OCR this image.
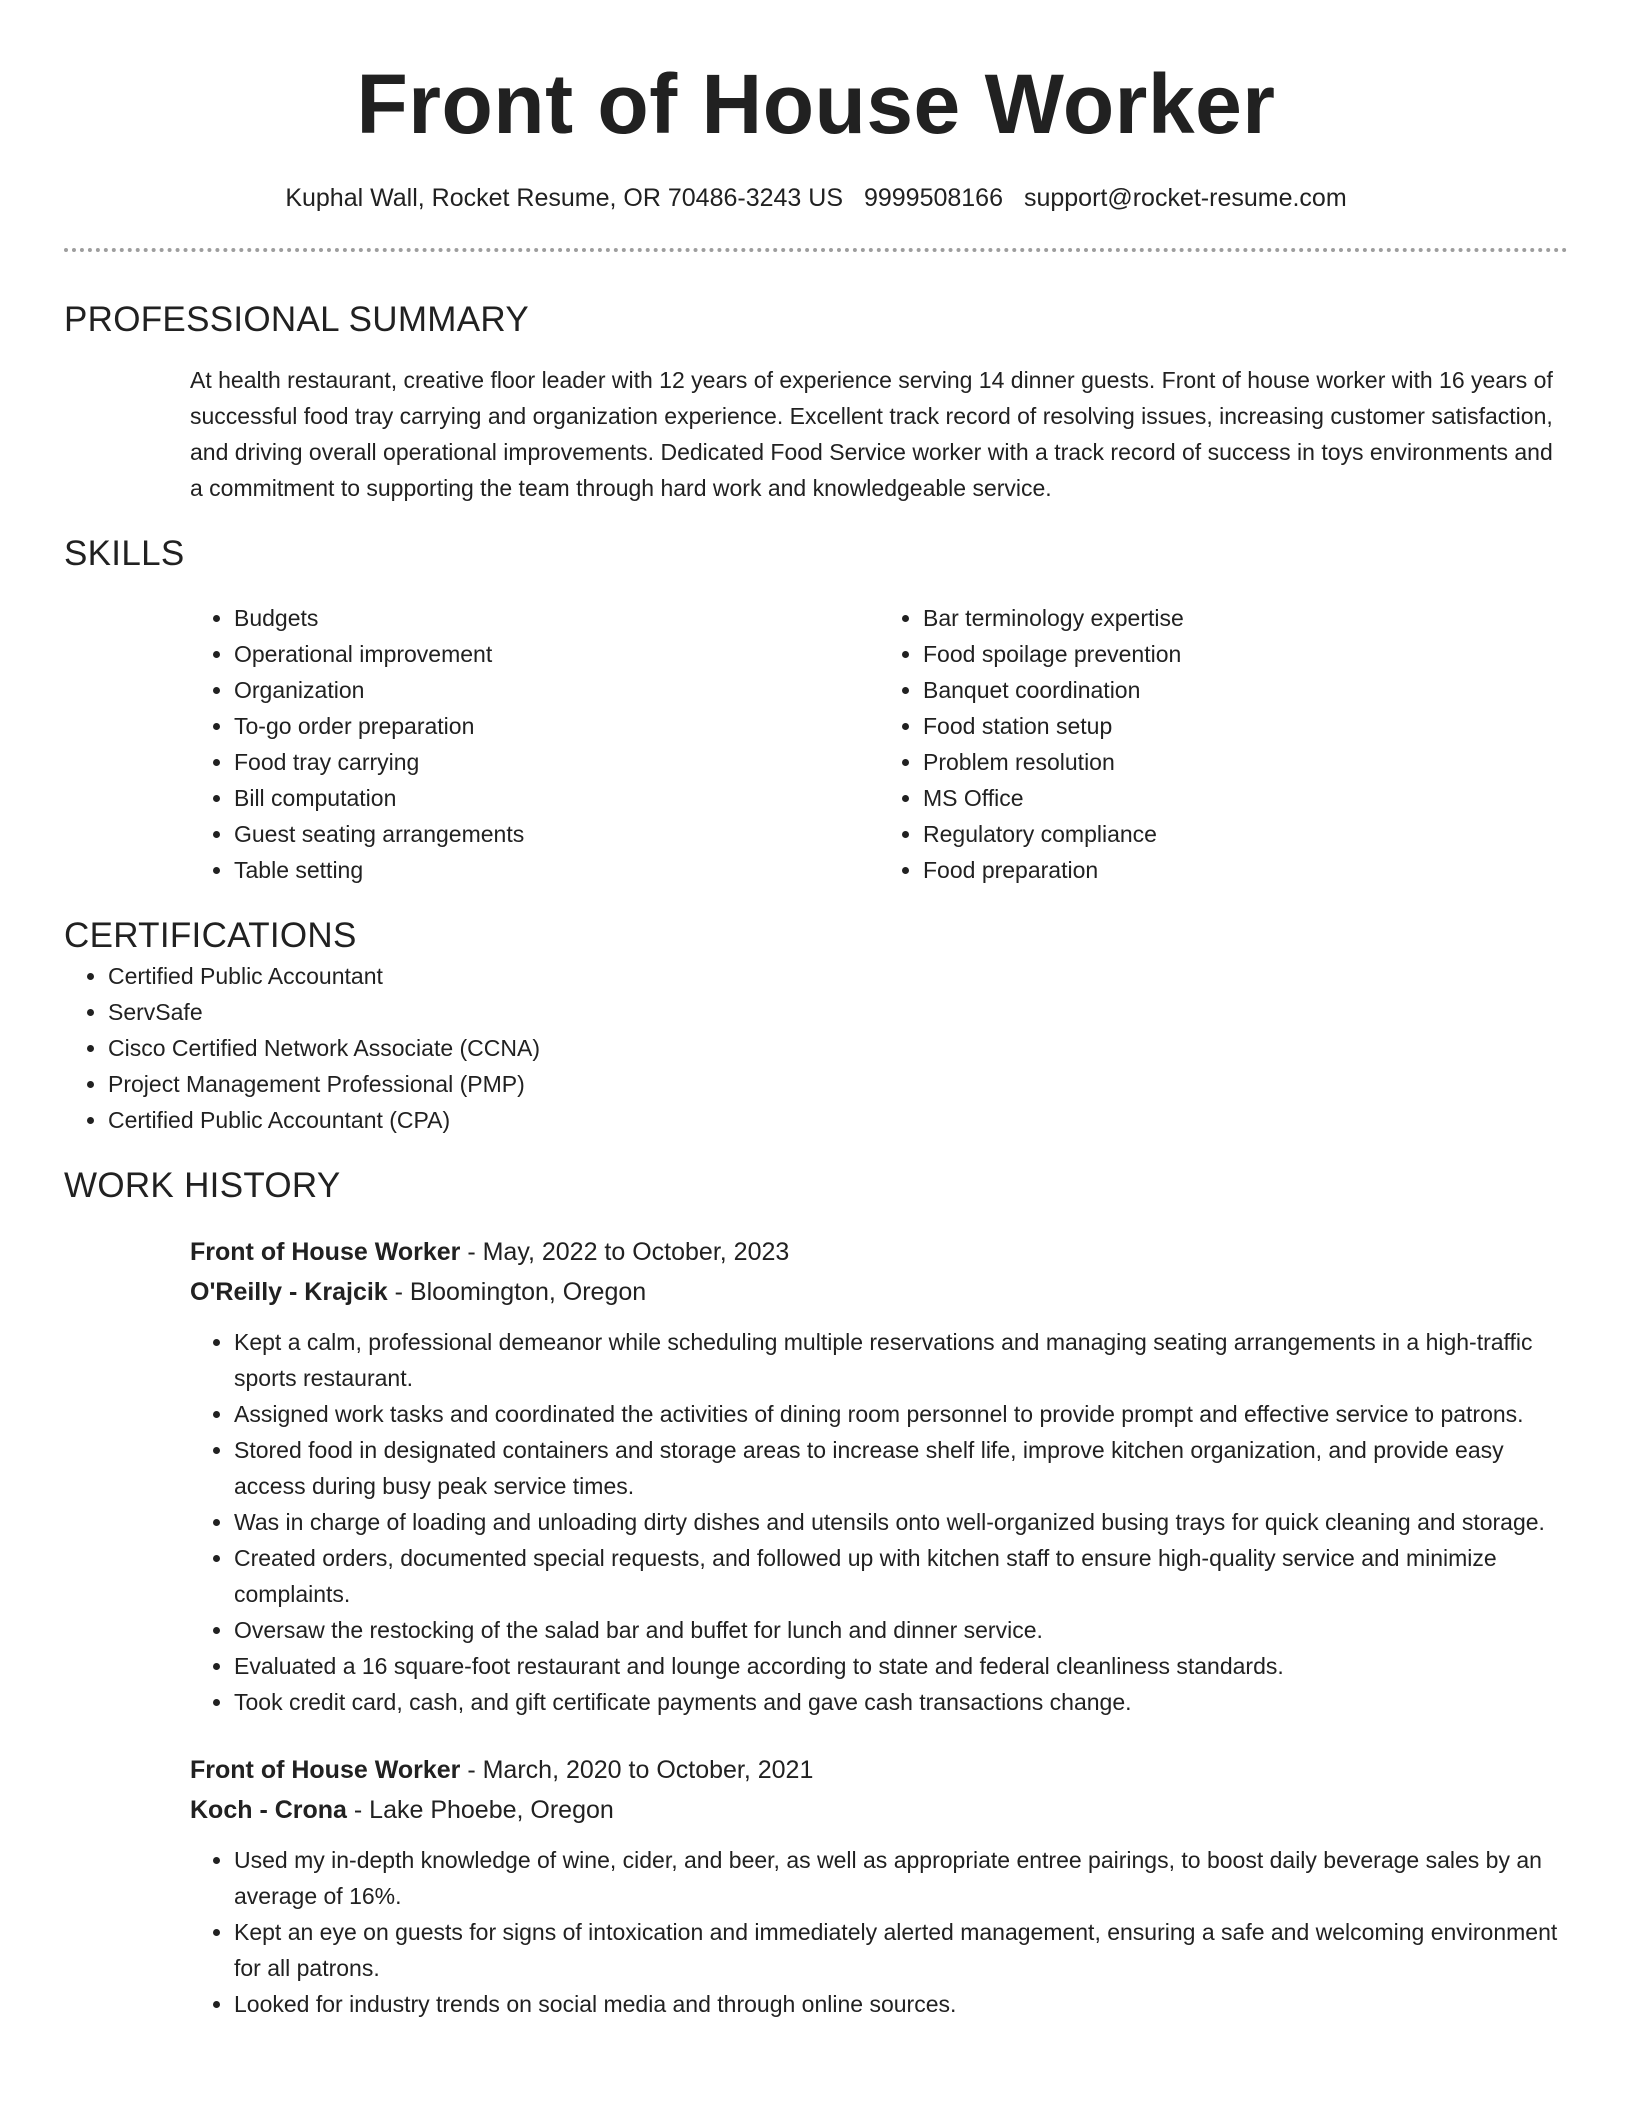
Front of House Worker
Kuphal Wall, Rocket Resume, OR 70486-3243 US 9999508166 support@rocket-resume.com
PROFESSIONAL SUMMARY

At health restaurant, creative floor leader with 12 years of experience serving 14 dinner guests. Front of house worker with 16 years of successful food tray carrying and organization experience. Excellent track record of resolving issues, increasing customer satisfaction, and driving overall operational improvements. Dedicated Food Service worker with a track record of success in toys environments and a commitment to supporting the team through hard work and knowledgeable service.

SKILLS
• Budgets
• Operational improvement
• Organization
• To-go order preparation
• Food tray carrying
• Bill computation
• Guest seating arrangements
• Table setting
• Bar terminology expertise
• Food spoilage prevention
• Banquet coordination
• Food station setup
• Problem resolution
• MS Office
• Regulatory compliance
• Food preparation
CERTIFICATIONS
• Certified Public Accountant
• ServSafe
• Cisco Certified Network Associate (CCNA)
• Project Management Professional (PMP)
• Certified Public Accountant (CPA)
WORK HISTORY
Front of House Worker - May, 2022 to October, 2023
O'Reilly - Krajcik - Bloomington, Oregon
• Kept a calm, professional demeanor while scheduling multiple reservations and managing seating arrangements in a high-traffic sports restaurant.
• Assigned work tasks and coordinated the activities of dining room personnel to provide prompt and effective service to patrons.
• Stored food in designated containers and storage areas to increase shelf life, improve kitchen organization, and provide easy access during busy peak service times.
• Was in charge of loading and unloading dirty dishes and utensils onto well-organized busing trays for quick cleaning and storage.
• Created orders, documented special requests, and followed up with kitchen staff to ensure high-quality service and minimize complaints.
• Oversaw the restocking of the salad bar and buffet for lunch and dinner service.
• Evaluated a 16 square-foot restaurant and lounge according to state and federal cleanliness standards.
• Took credit card, cash, and gift certificate payments and gave cash transactions change.
Front of House Worker - March, 2020 to October, 2021
Koch - Crona - Lake Phoebe, Oregon
• Used my in-depth knowledge of wine, cider, and beer, as well as appropriate entree pairings, to boost daily beverage sales by an average of 16%.
• Kept an eye on guests for signs of intoxication and immediately alerted management, ensuring a safe and welcoming environment for all patrons.
• Looked for industry trends on social media and through online sources.
